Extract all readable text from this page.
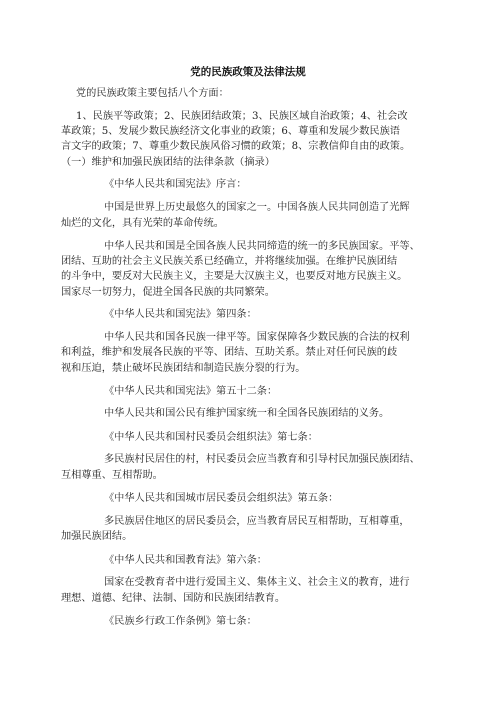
党的民族政策及法律法规
党的民族政策主要包括八个方面：
1、民族平等政策；2、民族团结政策；3、民族区域自治政策；4、社会改
革政策；5、发展少数民族经济文化事业的政策；6、尊重和发展少数民族语
言文字的政策；7、尊重少数民族风俗习惯的政策；8、宗教信仰自由的政策。
（一）维护和加强民族团结的法律条款（摘录）
《中华人民共和国宪法》序言：
中国是世界上历史最悠久的国家之一。中国各族人民共同创造了光辉
灿烂的文化，具有光荣的革命传统。
中华人民共和国是全国各族人民共同缔造的统一的多民族国家。平等、
团结、互助的社会主义民族关系已经确立，并将继续加强。在维护民族团结
的斗争中，要反对大民族主义，主要是大汉族主义，也要反对地方民族主义。
国家尽一切努力，促进全国各民族的共同繁荣。
《中华人民共和国宪法》第四条：
中华人民共和国各民族一律平等。国家保障各少数民族的合法的权利
和利益，维护和发展各民族的平等、团结、互助关系。禁止对任何民族的歧
视和压迫，禁止破坏民族团结和制造民族分裂的行为。
《中华人民共和国宪法》第五十二条：
中华人民共和国公民有维护国家统一和全国各民族团结的义务。
《中华人民共和国村民委员会组织法》第七条：
多民族村民居住的村，村民委员会应当教育和引导村民加强民族团结、
互相尊重、互相帮助。
《中华人民共和国城市居民委员会组织法》第五条：
多民族居住地区的居民委员会，应当教育居民互相帮助，互相尊重，
加强民族团结。
《中华人民共和国教育法》第六条：
国家在受教育者中进行爱国主义、集体主义、社会主义的教育，进行
理想、道德、纪律、法制、国防和民族团结教育。
《民族乡行政工作条例》第七条：
